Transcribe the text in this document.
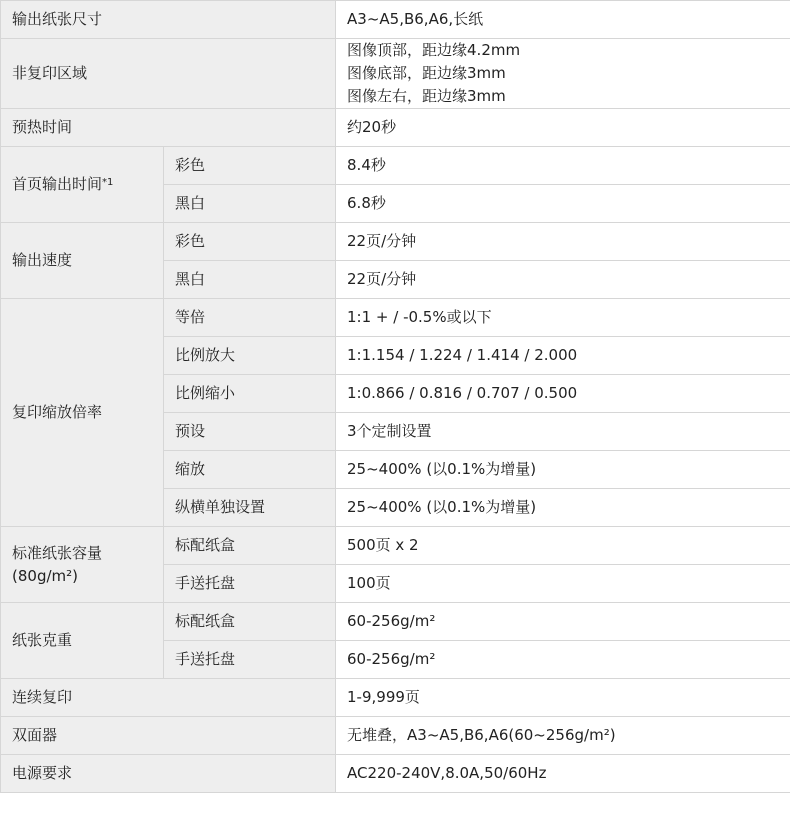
输出纸张尺寸		A3~A5,B6,A6,长纸
非复印区域		图像顶部，距边缘4.2mm
图像底部，距边缘3mm
图像左右，距边缘3mm

预热时间		约20秒
首页输出时间$^{*1}$	彩色	8.4秒
	黑白	6.8秒
输出速度	彩色	22页/分钟
	黑白	22页/分钟
复印缩放倍率	等倍	1:1 + / -0.5%或以下
	比例放大	1:1.154 / 1.224 / 1.414 / 2.000
	比例缩小	1:0.866 / 0.816 / 0.707 / 0.500
	预设	3个定制设置
	缩放	25~400% (以0.1%为增量)
	纵横单独设置	25~400% (以0.1%为增量)

标准纸张容量
(80g/m²)	标配纸盒	500页 x 2
	手送托盘	100页
纸张克重	标配纸盒	60-256g/m²
	手送托盘	60-256g/m²
连续复印		1-9,999页
双面器		无堆叠，A3~A5,B6,A6(60~256g/m²)
电源要求		AC220-240V,8.0A,50/60Hz
